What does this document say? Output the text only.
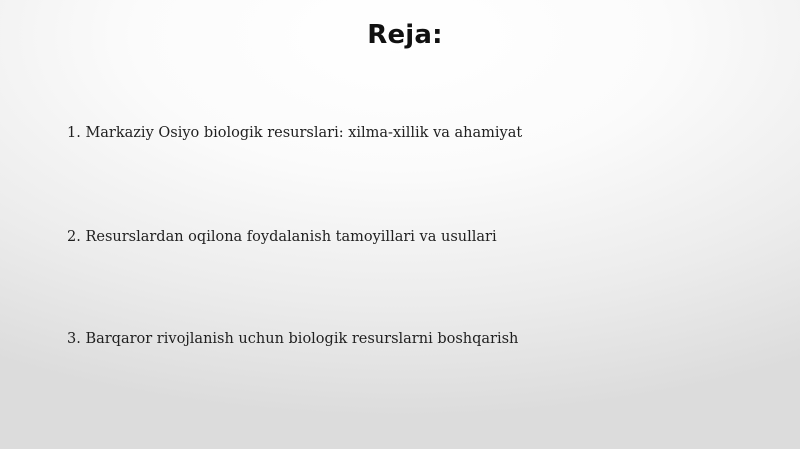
Reja:
1. Markaziy Osiyo biologik resurslari: xilma-xillik va ahamiyat
2. Resurslardan oqilona foydalanish tamoyillari va usullari
3. Barqaror rivojlanish uchun biologik resurslarni boshqarish
